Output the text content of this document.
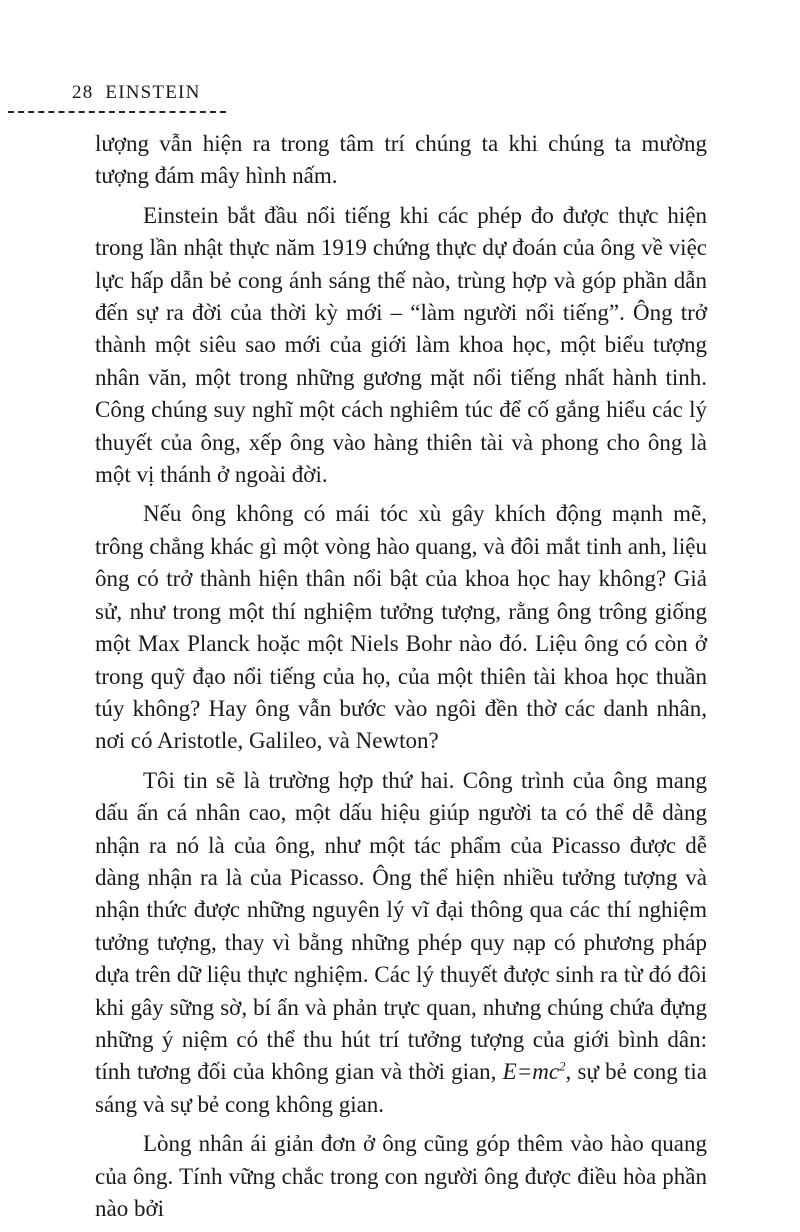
28 EINSTEIN

lượng vẫn hiện ra trong tâm trí chúng ta khi chúng ta mường tượng đám mây hình nấm.

Einstein bắt đầu nổi tiếng khi các phép đo được thực hiện trong lần nhật thực năm 1919 chứng thực dự đoán của ông về việc lực hấp dẫn bẻ cong ánh sáng thế nào, trùng hợp và góp phần dẫn đến sự ra đời của thời kỳ mới – “làm người nổi tiếng”. Ông trở thành một siêu sao mới của giới làm khoa học, một biểu tượng nhân văn, một trong những gương mặt nổi tiếng nhất hành tinh. Công chúng suy nghĩ một cách nghiêm túc để cố gắng hiểu các lý thuyết của ông, xếp ông vào hàng thiên tài và phong cho ông là một vị thánh ở ngoài đời.

Nếu ông không có mái tóc xù gây khích động mạnh mẽ, trông chẳng khác gì một vòng hào quang, và đôi mắt tinh anh, liệu ông có trở thành hiện thân nổi bật của khoa học hay không? Giả sử, như trong một thí nghiệm tưởng tượng, rằng ông trông giống một Max Planck hoặc một Niels Bohr nào đó. Liệu ông có còn ở trong quỹ đạo nổi tiếng của họ, của một thiên tài khoa học thuần túy không? Hay ông vẫn bước vào ngôi đền thờ các danh nhân, nơi có Aristotle, Galileo, và Newton?

Tôi tin sẽ là trường hợp thứ hai. Công trình của ông mang dấu ấn cá nhân cao, một dấu hiệu giúp người ta có thể dễ dàng nhận ra nó là của ông, như một tác phẩm của Picasso được dễ dàng nhận ra là của Picasso. Ông thể hiện nhiều tưởng tượng và nhận thức được những nguyên lý vĩ đại thông qua các thí nghiệm tưởng tượng, thay vì bằng những phép quy nạp có phương pháp dựa trên dữ liệu thực nghiệm. Các lý thuyết được sinh ra từ đó đôi khi gây sững sờ, bí ẩn và phản trực quan, nhưng chúng chứa đựng những ý niệm có thể thu hút trí tưởng tượng của giới bình dân: tính tương đối của không gian và thời gian, $E=mc^2$, sự bẻ cong tia sáng và sự bẻ cong không gian.

Lòng nhân ái giản đơn ở ông cũng góp thêm vào hào quang của ông. Tính vững chắc trong con người ông được điều hòa phần nào bởi
